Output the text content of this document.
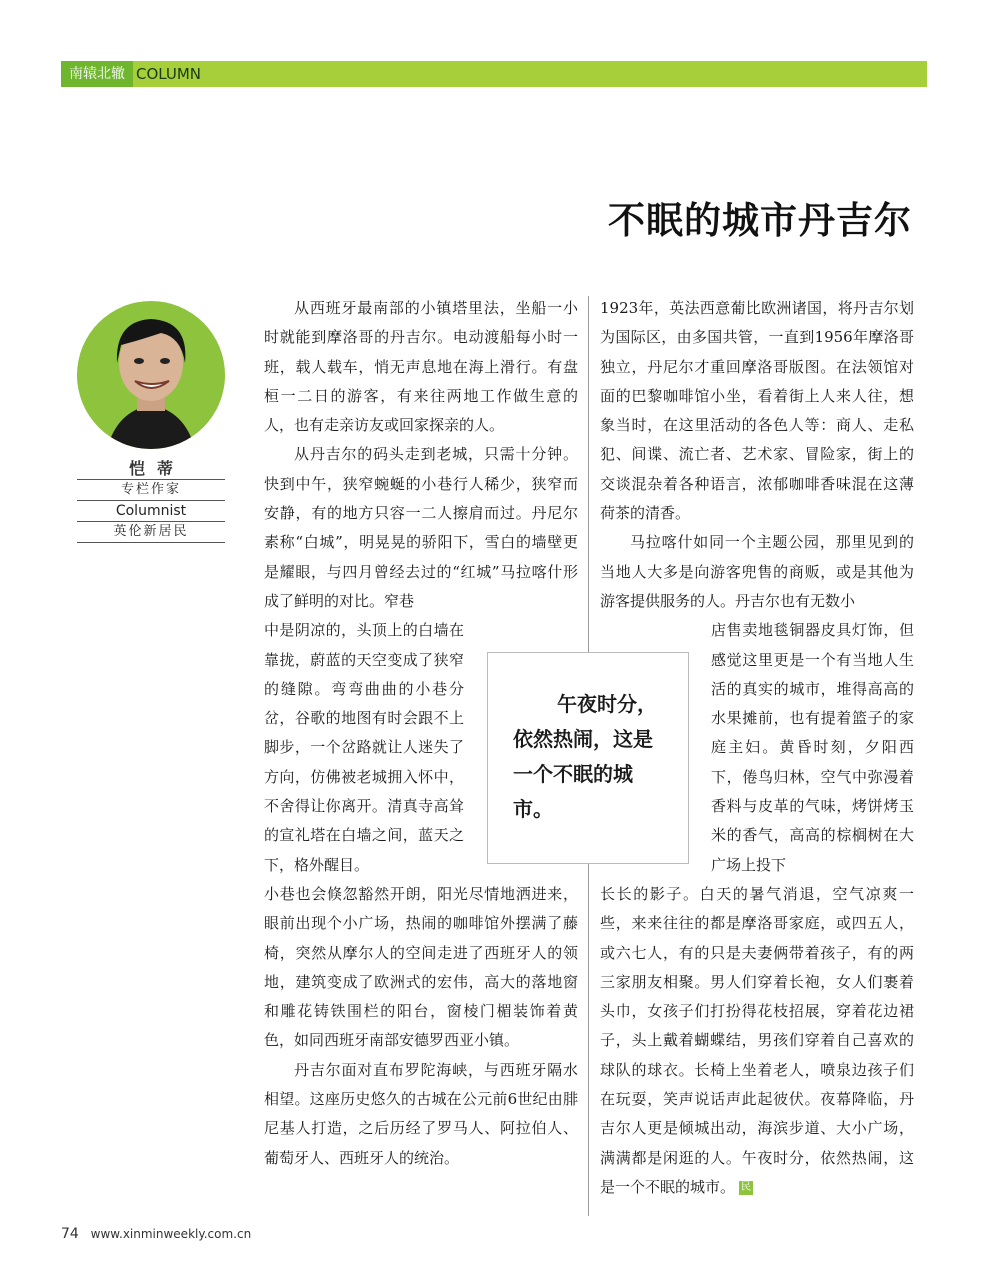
南辕北辙 COLUMN
不眠的城市丹吉尔
恺蒂
专栏作家
Columnist
英伦新居民

从西班牙最南部的小镇塔里法，坐船一小时就能到摩洛哥的丹吉尔。电动渡船每小时一班，载人载车，悄无声息地在海上滑行。有盘桓一二日的游客，有来往两地工作做生意的人，也有走亲访友或回家探亲的人。

从丹吉尔的码头走到老城，只需十分钟。快到中午，狭窄蜿蜒的小巷行人稀少，狭窄而安静，有的地方只容一二人擦肩而过。丹尼尔素称“白城”，明晃晃的骄阳下，雪白的墙壁更是耀眼，与四月曾经去过的“红城”马拉喀什形成了鲜明的对比。窄巷

中是阴凉的，头顶上的白墙在靠拢，蔚蓝的天空变成了狭窄的缝隙。弯弯曲曲的小巷分岔，谷歌的地图有时会跟不上脚步，一个岔路就让人迷失了方向，仿佛被老城拥入怀中，不舍得让你离开。清真寺高耸的宣礼塔在白墙之间，蓝天之下，格外醒目。

小巷也会倏忽豁然开朗，阳光尽情地洒进来，眼前出现个小广场，热闹的咖啡馆外摆满了藤椅，突然从摩尔人的空间走进了西班牙人的领地，建筑变成了欧洲式的宏伟，高大的落地窗和雕花铸铁围栏的阳台，窗棱门楣装饰着黄色，如同西班牙南部安德罗西亚小镇。

丹吉尔面对直布罗陀海峡，与西班牙隔水相望。这座历史悠久的古城在公元前6世纪由腓尼基人打造，之后历经了罗马人、阿拉伯人、葡萄牙人、西班牙人的统治。

1923年，英法西意葡比欧洲诸国，将丹吉尔划为国际区，由多国共管，一直到1956年摩洛哥独立，丹尼尔才重回摩洛哥版图。在法领馆对面的巴黎咖啡馆小坐，看着街上人来人往，想象当时，在这里活动的各色人等：商人、走私犯、间谍、流亡者、艺术家、冒险家，街上的交谈混杂着各种语言，浓郁咖啡香味混在这薄荷茶的清香。

马拉喀什如同一个主题公园，那里见到的当地人大多是向游客兜售的商贩，或是其他为游客提供服务的人。丹吉尔也有无数小

店售卖地毯铜器皮具灯饰，但感觉这里更是一个有当地人生活的真实的城市，堆得高高的水果摊前，也有提着篮子的家庭主妇。黄昏时刻，夕阳西下，倦鸟归林，空气中弥漫着香料与皮革的气味，烤饼烤玉米的香气，高高的棕榈树在大广场上投下

长长的影子。白天的暑气消退，空气凉爽一些，来来往往的都是摩洛哥家庭，或四五人，或六七人，有的只是夫妻俩带着孩子，有的两三家朋友相聚。男人们穿着长袍，女人们裹着头巾，女孩子们打扮得花枝招展，穿着花边裙子，头上戴着蝴蝶结，男孩们穿着自己喜欢的球队的球衣。长椅上坐着老人，喷泉边孩子们在玩耍，笑声说话声此起彼伏。夜幕降临，丹吉尔人更是倾城出动，海滨步道、大小广场，满满都是闲逛的人。午夜时分，依然热闹，这是一个不眠的城市。 民

午夜时分，依然热闹，这是一个不眠的城市。
74 www.xinminweekly.com.cn
